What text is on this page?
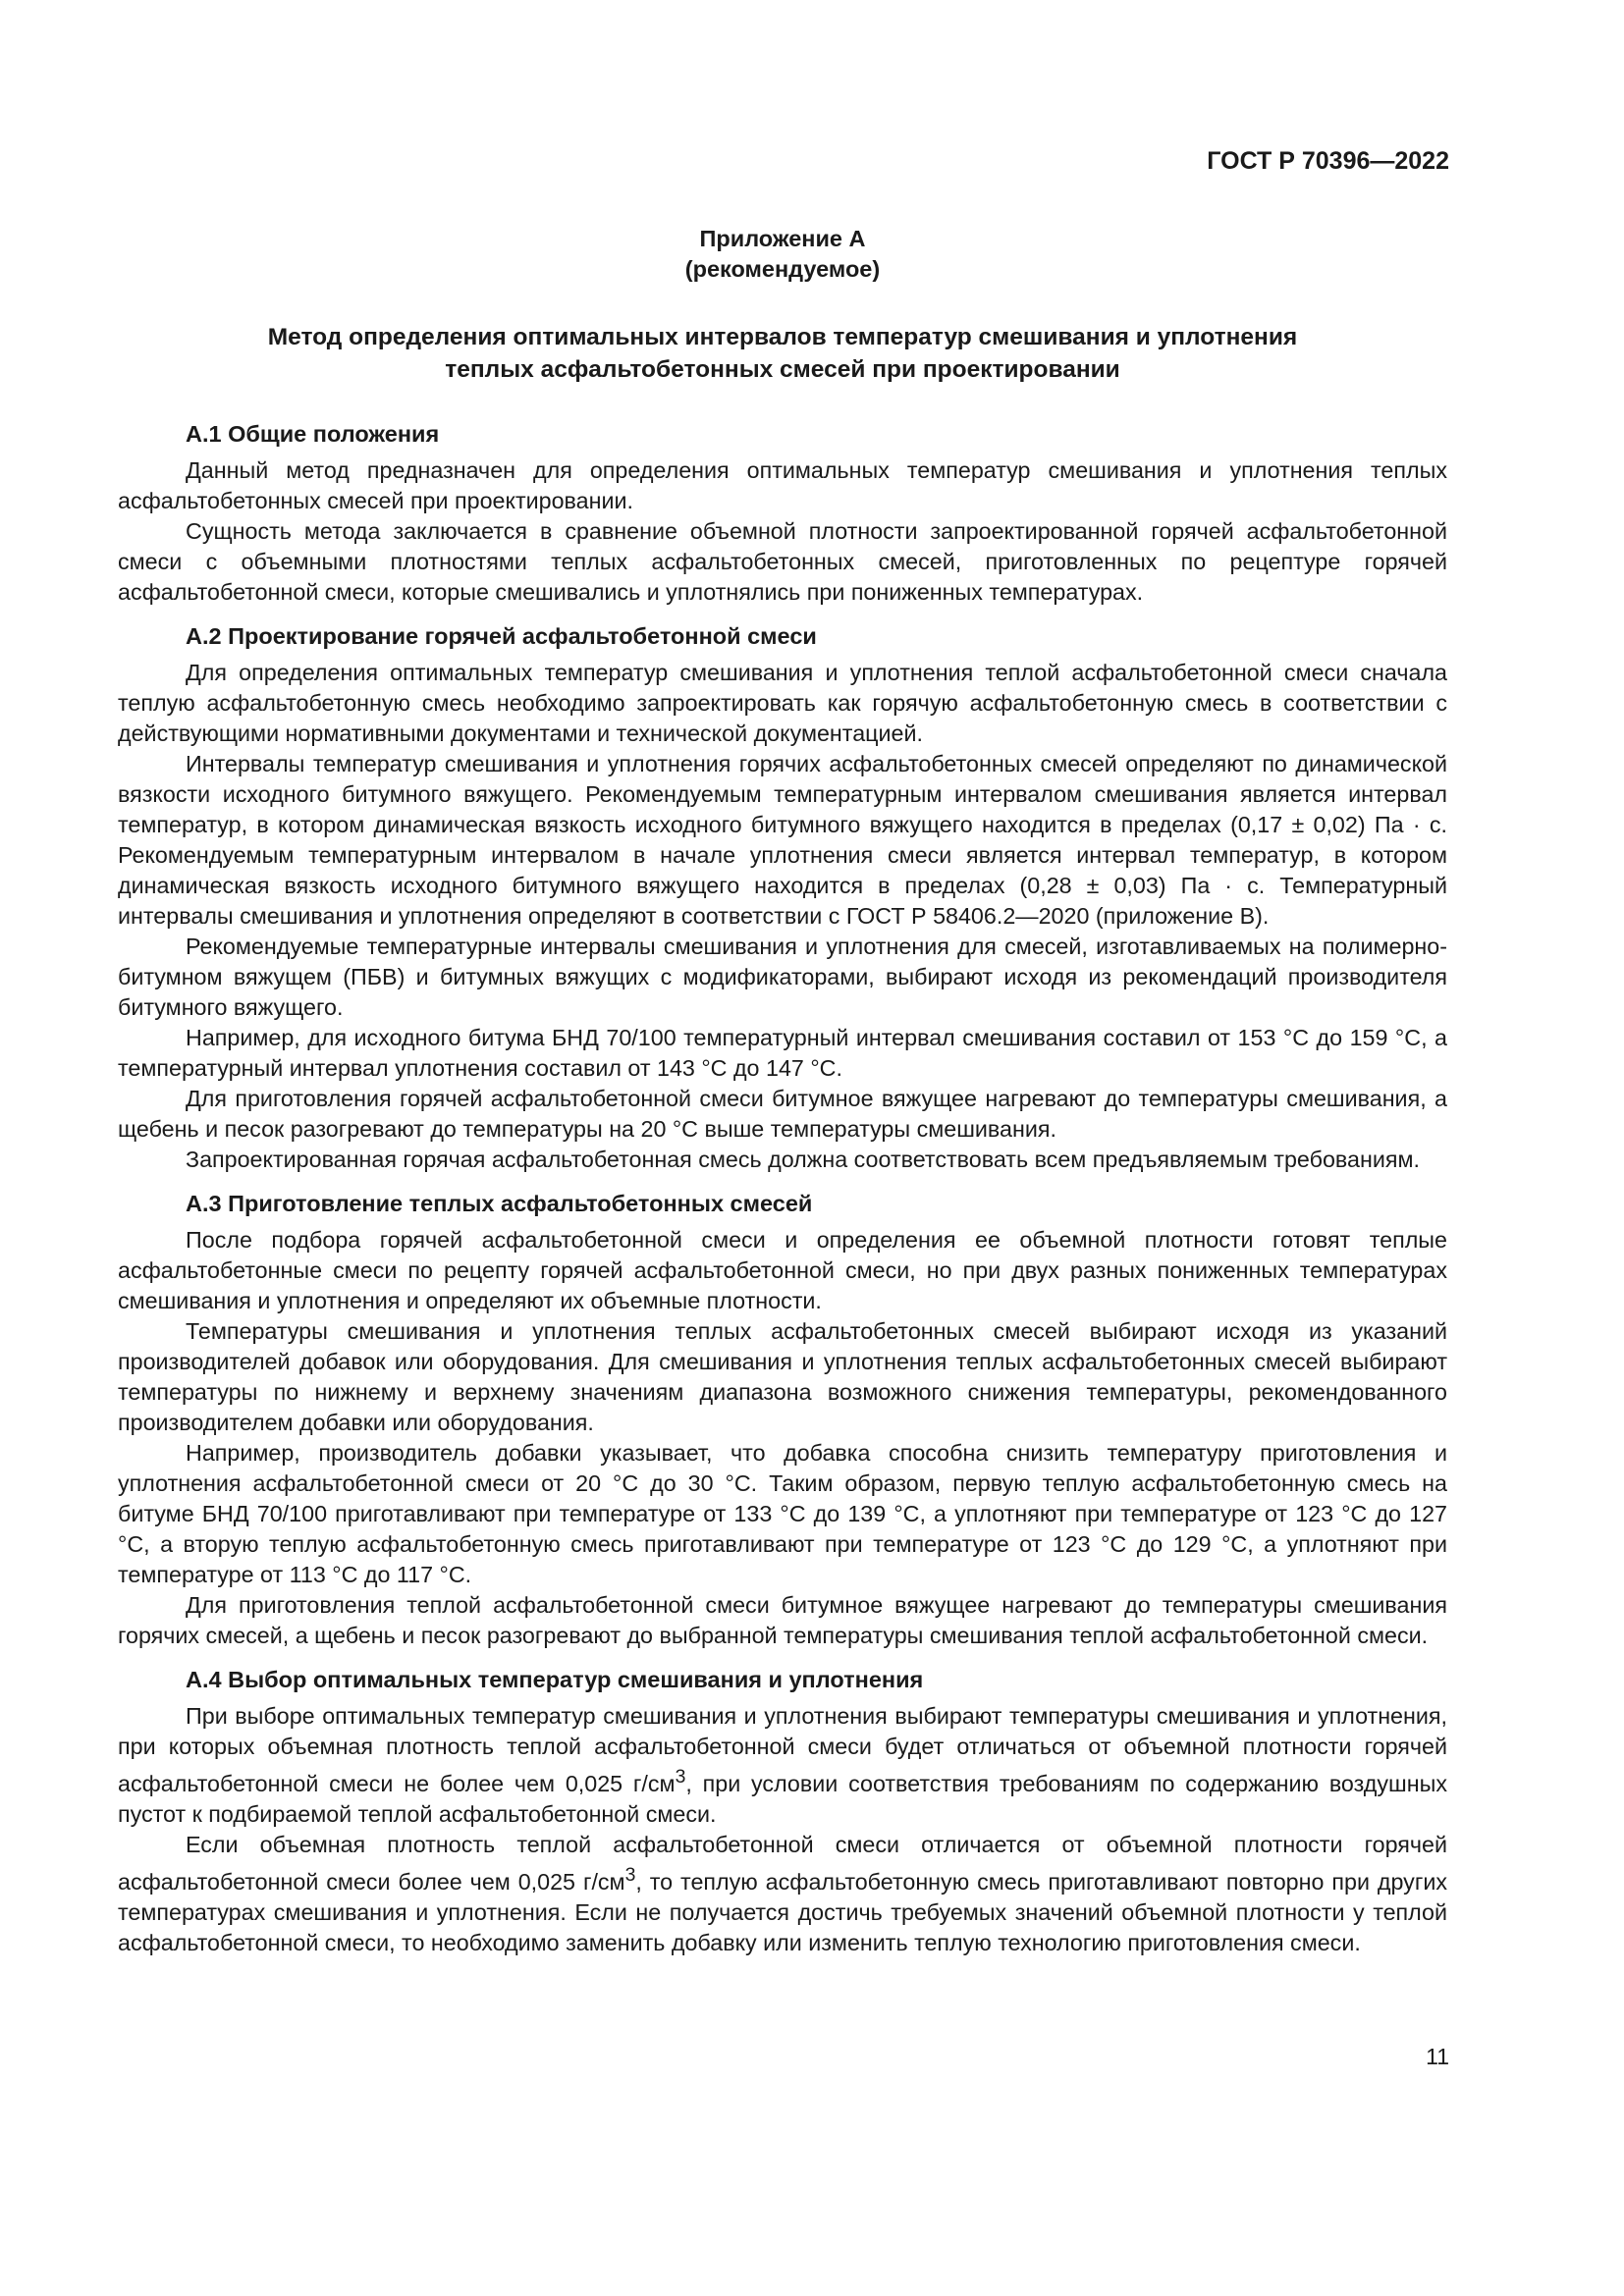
ГОСТ Р 70396—2022

Приложение А
(рекомендуемое)
Метод определения оптимальных интервалов температур смешивания и уплотнения
теплых асфальтобетонных смесей при проектировании
А.1 Общие положения

Данный метод предназначен для определения оптимальных температур смешивания и уплотнения теплых асфальтобетонных смесей при проектировании.

Сущность метода заключается в сравнение объемной плотности запроектированной горячей асфальтобетонной смеси с объемными плотностями теплых асфальтобетонных смесей, приготовленных по рецептуре горячей асфальтобетонной смеси, которые смешивались и уплотнялись при пониженных температурах.

А.2 Проектирование горячей асфальтобетонной смеси

Для определения оптимальных температур смешивания и уплотнения теплой асфальтобетонной смеси сначала теплую асфальтобетонную смесь необходимо запроектировать как горячую асфальтобетонную смесь в соответствии с действующими нормативными документами и технической документацией.

Интервалы температур смешивания и уплотнения горячих асфальтобетонных смесей определяют по динамической вязкости исходного битумного вяжущего. Рекомендуемым температурным интервалом смешивания является интервал температур, в котором динамическая вязкость исходного битумного вяжущего находится в пределах (0,17 ± 0,02) Па · с. Рекомендуемым температурным интервалом в начале уплотнения смеси является интервал температур, в котором динамическая вязкость исходного битумного вяжущего находится в пределах (0,28 ± 0,03) Па · с. Температурный интервалы смешивания и уплотнения определяют в соответствии с ГОСТ Р 58406.2—2020 (приложение В).

Рекомендуемые температурные интервалы смешивания и уплотнения для смесей, изготавливаемых на полимерно-битумном вяжущем (ПБВ) и битумных вяжущих с модификаторами, выбирают исходя из рекомендаций производителя битумного вяжущего.

Например, для исходного битума БНД 70/100 температурный интервал смешивания составил от 153 °С до 159 °С, а температурный интервал уплотнения составил от 143 °С до 147 °С.

Для приготовления горячей асфальтобетонной смеси битумное вяжущее нагревают до температуры смешивания, а щебень и песок разогревают до температуры на 20 °С выше температуры смешивания.

Запроектированная горячая асфальтобетонная смесь должна соответствовать всем предъявляемым требованиям.

А.3 Приготовление теплых асфальтобетонных смесей

После подбора горячей асфальтобетонной смеси и определения ее объемной плотности готовят теплые асфальтобетонные смеси по рецепту горячей асфальтобетонной смеси, но при двух разных пониженных температурах смешивания и уплотнения и определяют их объемные плотности.

Температуры смешивания и уплотнения теплых асфальтобетонных смесей выбирают исходя из указаний производителей добавок или оборудования. Для смешивания и уплотнения теплых асфальтобетонных смесей выбирают температуры по нижнему и верхнему значениям диапазона возможного снижения температуры, рекомендованного производителем добавки или оборудования.

Например, производитель добавки указывает, что добавка способна снизить температуру приготовления и уплотнения асфальтобетонной смеси от 20 °С до 30 °С. Таким образом, первую теплую асфальтобетонную смесь на битуме БНД 70/100 приготавливают при температуре от 133 °С до 139 °С, а уплотняют при температуре от 123 °С до 127 °С, а вторую теплую асфальтобетонную смесь приготавливают при температуре от 123 °С до 129 °С, а уплотняют при температуре от 113 °С до 117 °С.

Для приготовления теплой асфальтобетонной смеси битумное вяжущее нагревают до температуры смешивания горячих смесей, а щебень и песок разогревают до выбранной температуры смешивания теплой асфальтобетонной смеси.

А.4 Выбор оптимальных температур смешивания и уплотнения

При выборе оптимальных температур смешивания и уплотнения выбирают температуры смешивания и уплотнения, при которых объемная плотность теплой асфальтобетонной смеси будет отличаться от объемной плотности горячей асфальтобетонной смеси не более чем 0,025 $г/см^3$, при условии соответствия требованиям по содержанию воздушных пустот к подбираемой теплой асфальтобетонной смеси.

Если объемная плотность теплой асфальтобетонной смеси отличается от объемной плотности горячей асфальтобетонной смеси более чем 0,025 $г/см^3$, то теплую асфальтобетонную смесь приготавливают повторно при других температурах смешивания и уплотнения. Если не получается достичь требуемых значений объемной плотности у теплой асфальтобетонной смеси, то необходимо заменить добавку или изменить теплую технологию приготовления смеси.

11
